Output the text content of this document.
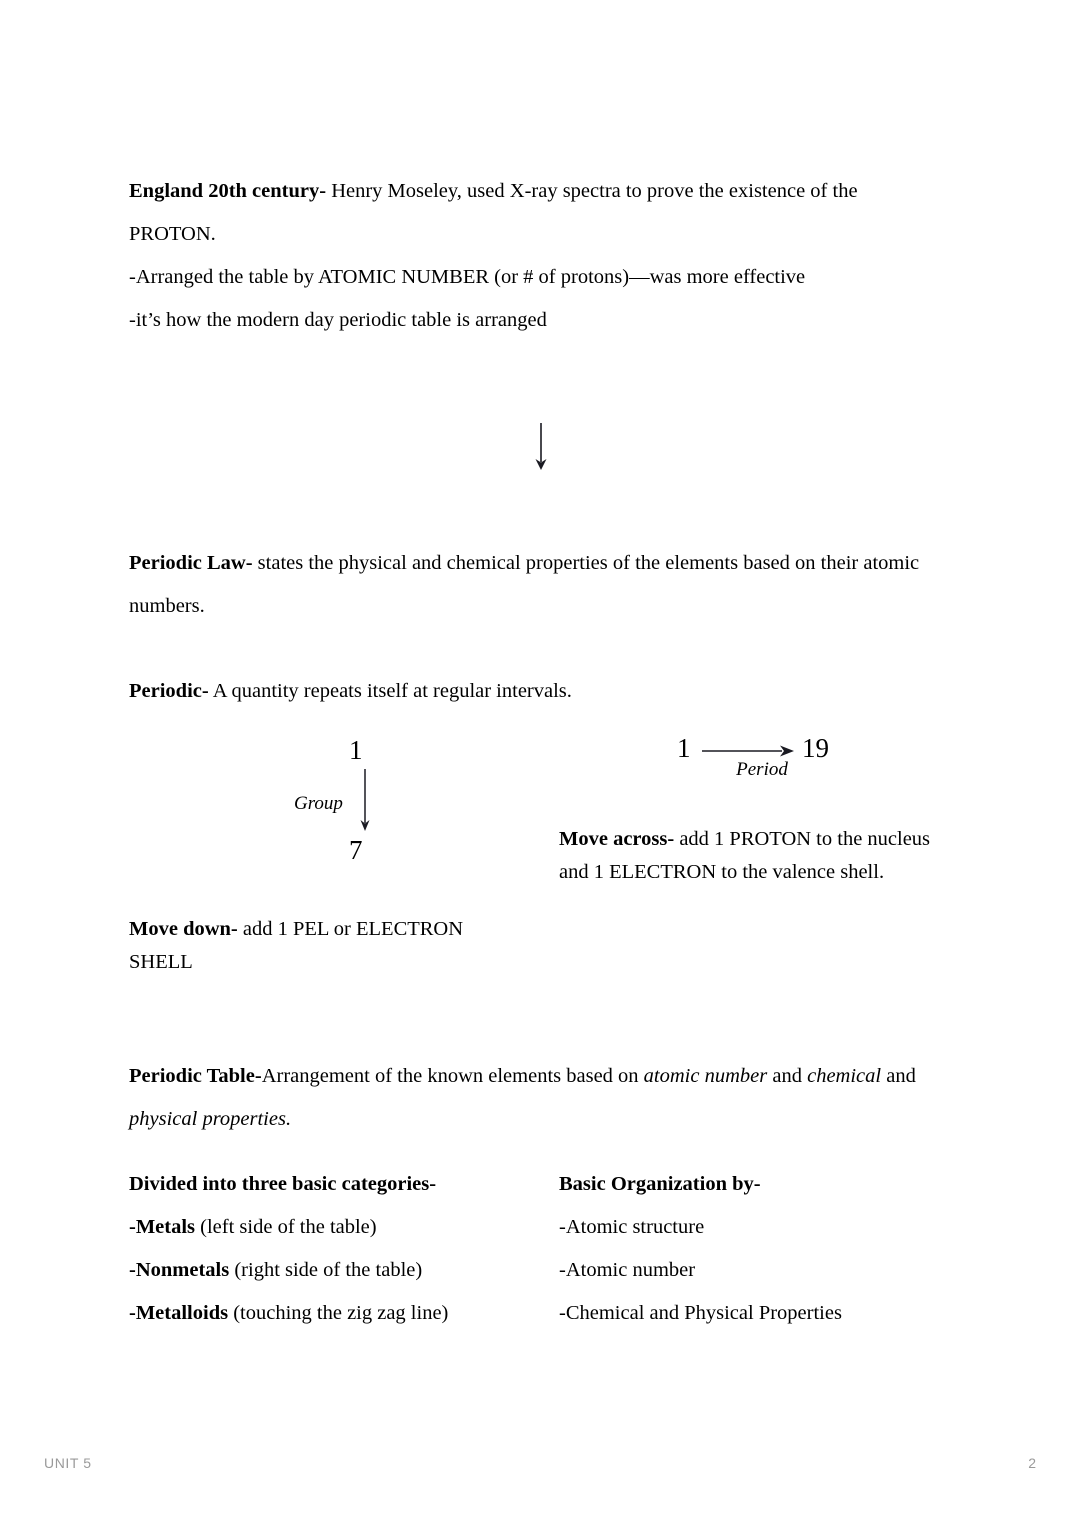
England 20th century- Henry Moseley, used X-ray spectra to prove the existence of the PROTON.

-Arranged the table by ATOMIC NUMBER (or # of protons)—was more effective

-it’s how the modern day periodic table is arranged

Periodic Law- states the physical and chemical properties of the elements based on their atomic numbers.

Periodic- A quantity repeats itself at regular intervals.

1
Group
7
1
Period
19

Move across- add 1 PROTON to the nucleus and 1 ELECTRON to the valence shell.

Move down- add 1 PEL or ELECTRON SHELL

Periodic Table-Arrangement of the known elements based on atomic number and chemical and physical properties.

Divided into three basic categories-

-Metals (left side of the table)

-Nonmetals (right side of the table)

-Metalloids (touching the zig zag line)

Basic Organization by-

-Atomic structure

-Atomic number

-Chemical and Physical Properties

UNIT 5	2
